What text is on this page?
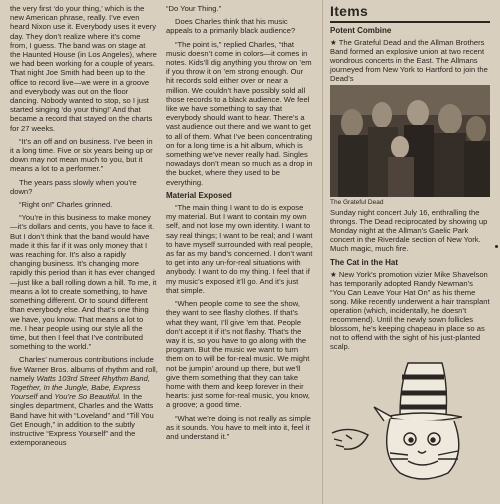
the very first ‘do your thing,’ which is the new American phrase, really. I’ve even heard Nixon use it. Everybody uses it every day. They don’t realize where it’s come from, I guess. The band was on stage at the Haunted House (in Los Angeles), where we had been working for a couple of years. That night Joe Smith had been up to the office to record live—we were in a groove and everybody was out on the floor dancing. Nobody wanted to stop, so I just started singing ‘do your thing!’ And that became a record that stayed on the charts for 27 weeks.

“It’s an off and on business. I’ve been in it a long time. Five or six years being up or down may not mean much to you, but it means a lot to a performer.”

The years pass slowly when you’re down?

“Right on!” Charles grinned.

“You’re in this business to make money—it’s dollars and cents, you have to face it. But I don’t think that the band would have made it this far if it was only money that I was reaching for. It’s also a rapidly changing business. It’s changing more rapidly this period than it has ever changed—just like a ball rolling down a hill. To me, it means a lot to create something, to have something different. Or to sound different than everybody else. And that’s one thing we have, you know. That means a lot to me. I hear people using our style all the time, but then I feel that I’ve contributed something to the world.”

Charles’ numerous contributions include five Warner Bros. albums of rhythm and roll, namely Watts 103rd Street Rhythm Band, Together, In the Jungle, Babe, Express Yourself and You’re So Beautiful. In the singles department, Charles and the Watts Band have hit with “Loveland” and “Till You Get Enough,” in addition to the subtly instructive “Express Yourself” and the extemporaneous

“Do Your Thing.”

Does Charles think that his music appeals to a primarily black audience?

“The point is,” replied Charles, “that music doesn’t come in colors—it comes in notes. Kids’ll dig anything you throw on ’em if you throw it on ’em strong enough. Our hit records sold either over or near a million. We couldn’t have possibly sold all those records to a black audience. We feel like we have something to say that everybody should want to hear. There’s a vast audience out there and we want to get to all of them. What I’ve been concentrating on for a long time is a hit album, which is something we’ve never really had. Singles nowadays don’t mean so much as a drop in the bucket, where they used to be everything.

Material Exposed

“The main thing I want to do is expose my material. But I want to contain my own self, and not lose my own identity. I want to say real things; I want to be real; and I want to have myself surrounded with real people, as far as my band’s concerned. I don’t want to get into any un-for-real situations with anybody. I want to do my thing. I feel that if my music’s exposed it’ll go. And it’s just that simple.

“When people come to see the show, they want to see flashy clothes. If that’s what they want, I’ll give ’em that. People don’t accept it if it’s not flashy. That’s the way it is, so you have to go along with the program. But the music we want to turn them on to will be for-real music. We might not be jumpin’ around up there, but we’ll give them something that they can take home with them and keep forever in their hearts: just some for-real music, you know, a groove; a good time.

“What we’re doing is not really as simple as it sounds. You have to melt into it, feel it and understand it.”

Items
Potent Combine
★ The Grateful Dead and the Allman Brothers Band formed an explosive union at two recent wondrous concerts in the East. The Allmans journeyed from New York to Hartford to join the Dead’s
The Grateful Dead
Sunday night concert July 16, enthralling the throngs. The Dead reciprocated by showing up Monday night at the Allman’s Gaelic Park concert in the Riverdale section of New York. Much magic, much fire.
The Cat in the Hat
★ New York’s promotion vizier Mike Shavelson has temporarily adopted Randy Newman’s “You Can Leave Your Hat On” as his theme song. Mike recently underwent a hair transplant operation (which, incidentally, he doesn’t recommend). Until the newly sown follicles blossom, he’s keeping chapeau in place so as not to offend with the sight of his just-planted scalp.
